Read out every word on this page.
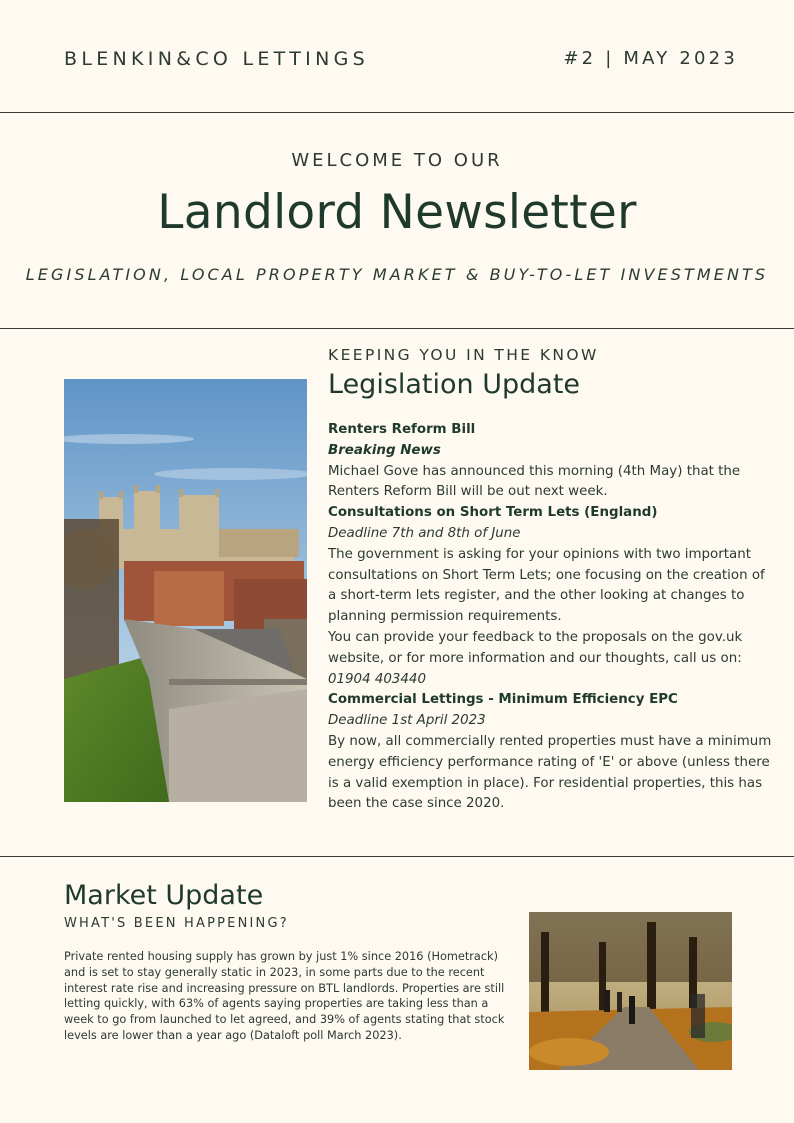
BLENKIN&CO LETTINGS	#2 | MAY 2023
WELCOME TO OUR
Landlord Newsletter
LEGISLATION, LOCAL PROPERTY MARKET & BUY-TO-LET INVESTMENTS
KEEPING YOU IN THE KNOW
Legislation Update

Renters Reform Bill

Breaking News

Michael Gove has announced this morning (4th May) that the Renters Reform Bill will be out next week.

Consultations on Short Term Lets (England)

Deadline 7th and 8th of June

The government is asking for your opinions with two important consultations on Short Term Lets; one focusing on the creation of a short-term lets register, and the other looking at changes to planning permission requirements.

You can provide your feedback to the proposals on the gov.uk website, or for more information and our thoughts, call us on:

01904 403440

Commercial Lettings - Minimum Efficiency EPC

Deadline 1st April 2023

By now, all commercially rented properties must have a minimum energy efficiency performance rating of 'E' or above (unless there is a valid exemption in place). For residential properties, this has been the case since 2020.

Market Update
WHAT'S BEEN HAPPENING?
Private rented housing supply has grown by just 1% since 2016 (Hometrack) and is set to stay generally static in 2023, in some parts due to the recent interest rate rise and increasing pressure on BTL landlords. Properties are still letting quickly, with 63% of agents saying properties are taking less than a week to go from launched to let agreed, and 39% of agents stating that stock levels are lower than a year ago (Dataloft poll March 2023).
